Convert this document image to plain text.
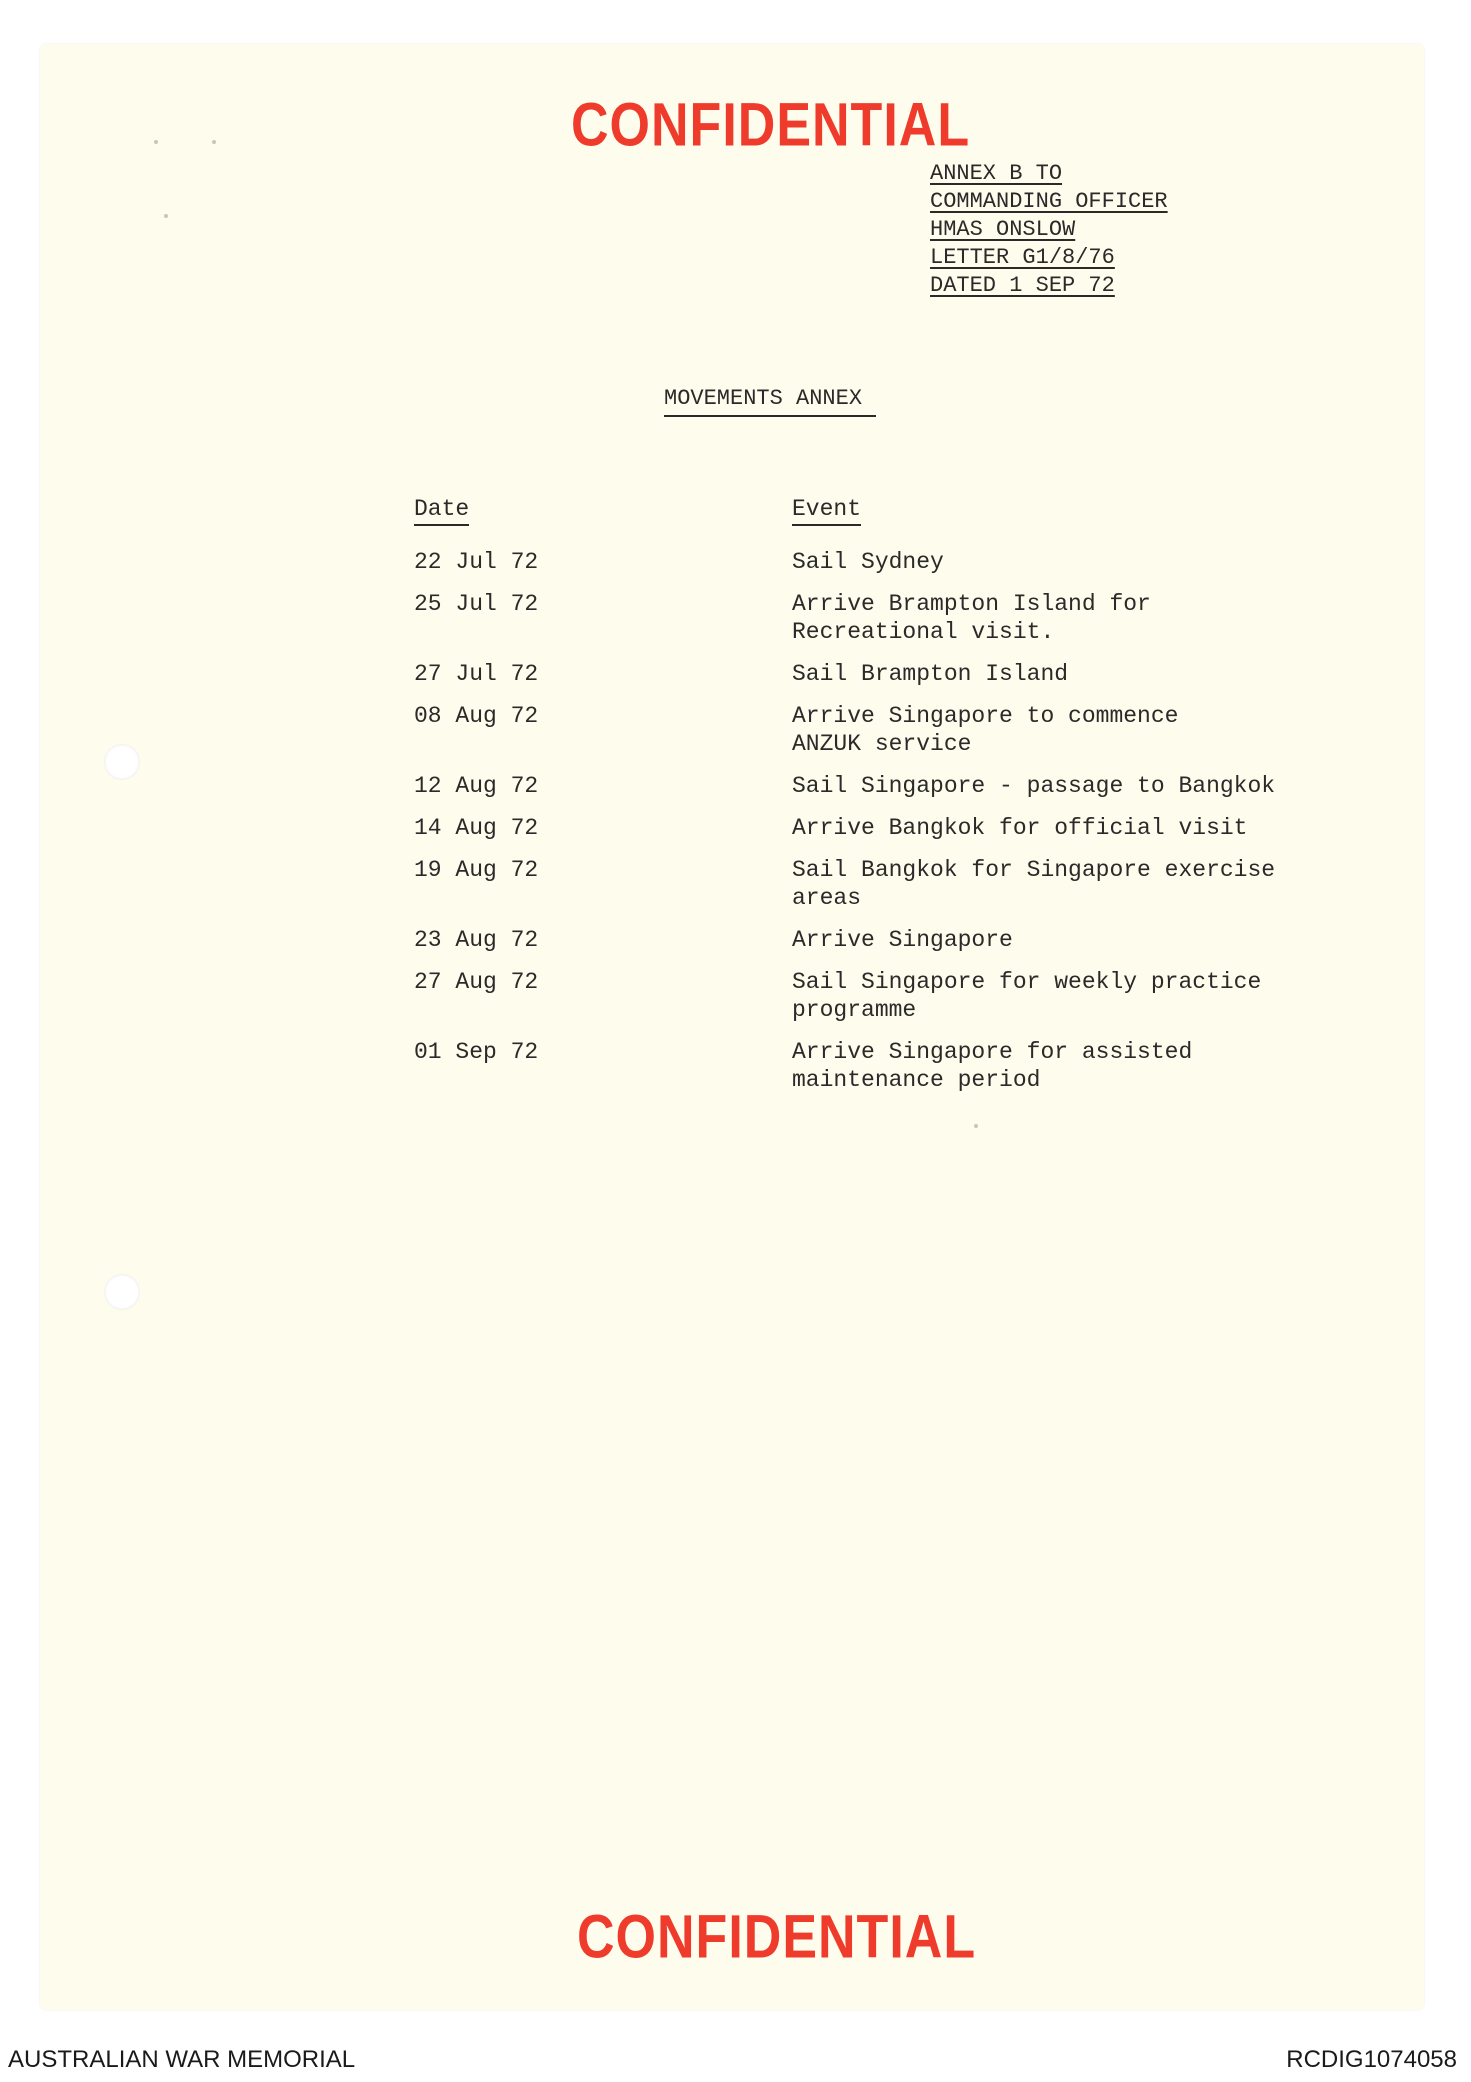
CONFIDENTIAL
ANNEX B TO
COMMANDING OFFICER
HMAS ONSLOW
LETTER G1/8/76
DATED 1 SEP 72
MOVEMENTS ANNEX
Date	Event
22 Jul 72	Sail Sydney
25 Jul 72	Arrive Brampton Island for
Recreational visit.
27 Jul 72	Sail Brampton Island
08 Aug 72	Arrive Singapore to commence
ANZUK service
12 Aug 72	Sail Singapore - passage to Bangkok
14 Aug 72	Arrive Bangkok for official visit
19 Aug 72	Sail Bangkok for Singapore exercise
areas
23 Aug 72	Arrive Singapore
27 Aug 72	Sail Singapore for weekly practice
programme
01 Sep 72	Arrive Singapore for assisted
maintenance period
CONFIDENTIAL
AUSTRALIAN WAR MEMORIAL	RCDIG1074058
